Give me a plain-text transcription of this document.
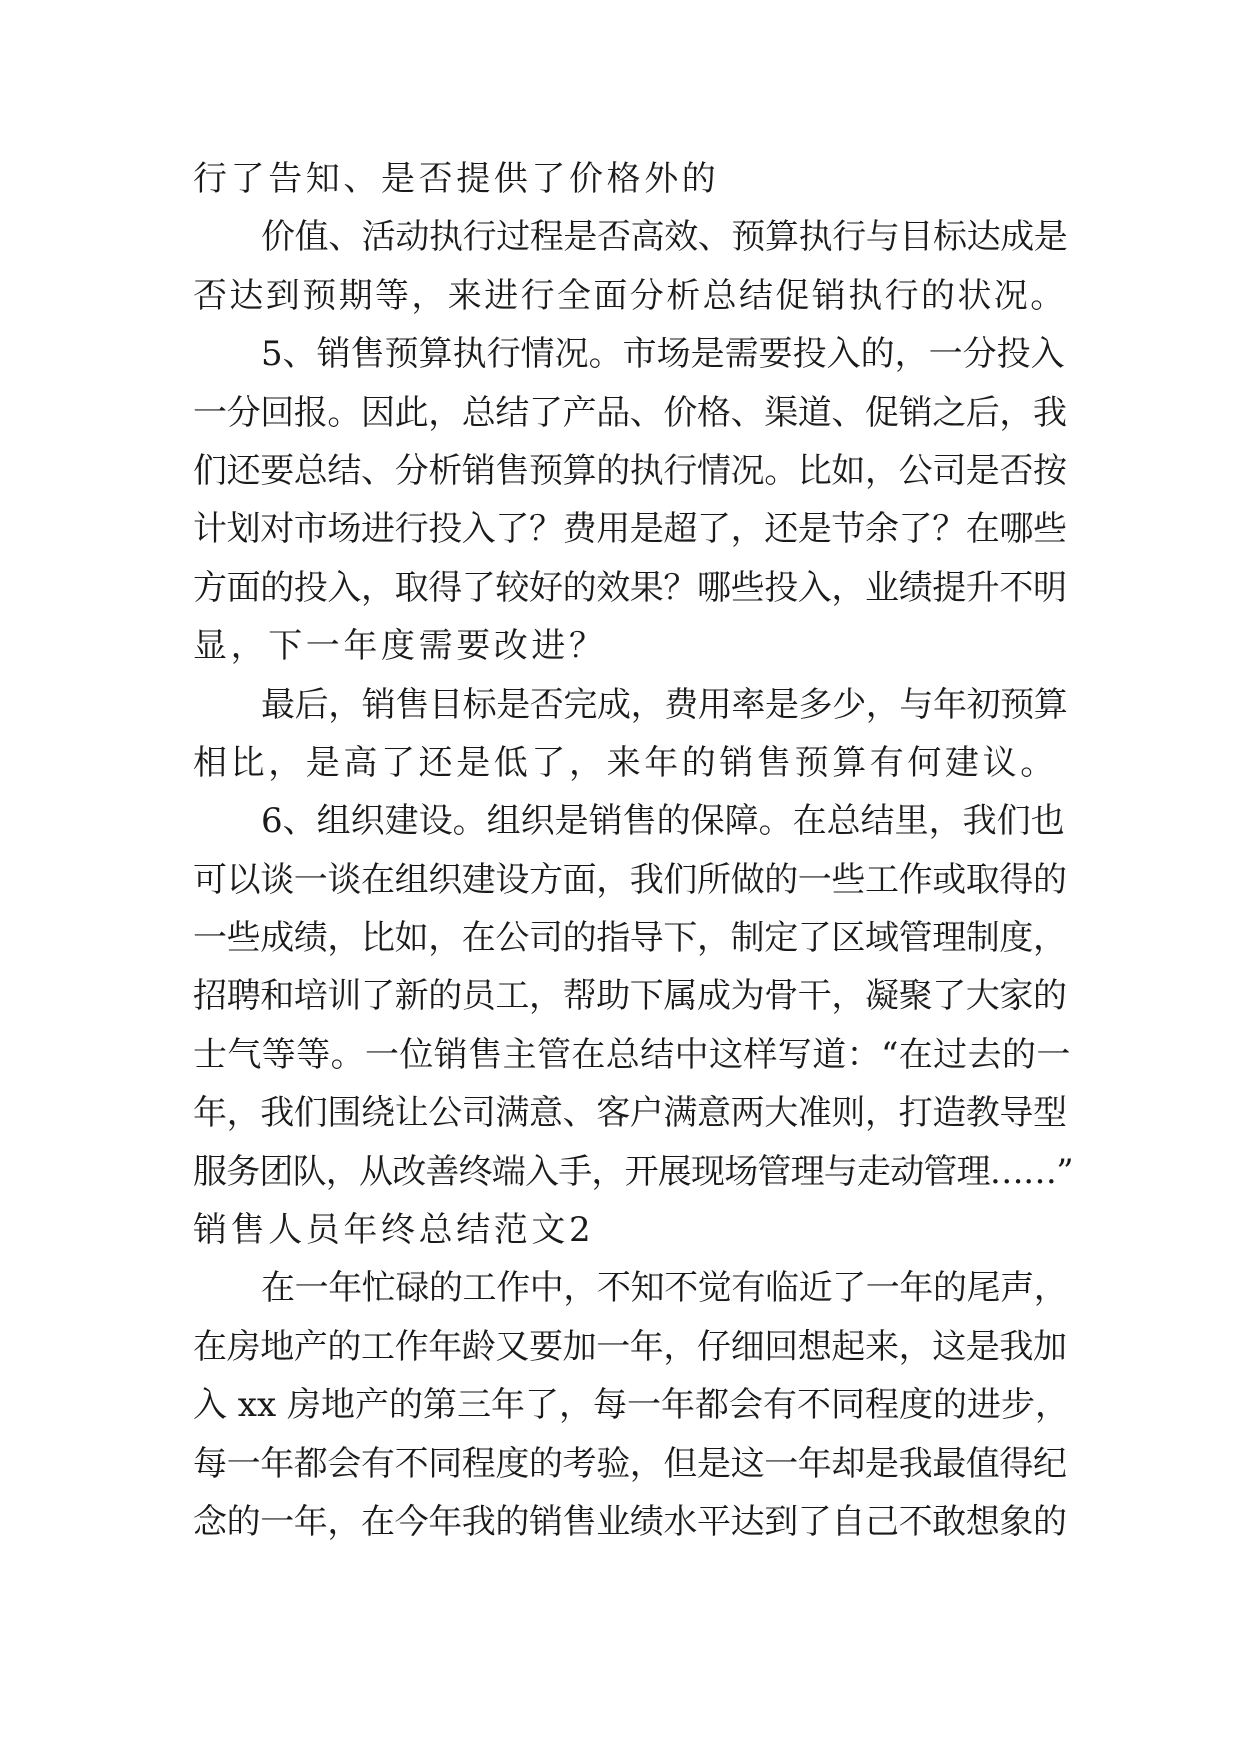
行了告知、是否提供了价格外的
价值、活动执行过程是否高效、预算执行与目标达成是
否达到预期等，来进行全面分析总结促销执行的状况。
5、销售预算执行情况。市场是需要投入的，一分投入
一分回报。因此，总结了产品、价格、渠道、促销之后，我
们还要总结、分析销售预算的执行情况。比如，公司是否按
计划对市场进行投入了？费用是超了，还是节余了？在哪些
方面的投入，取得了较好的效果？哪些投入，业绩提升不明
显，下一年度需要改进？
最后，销售目标是否完成，费用率是多少，与年初预算
相比，是高了还是低了，来年的销售预算有何建议。
6、组织建设。组织是销售的保障。在总结里，我们也
可以谈一谈在组织建设方面，我们所做的一些工作或取得的
一些成绩，比如，在公司的指导下，制定了区域管理制度，
招聘和培训了新的员工，帮助下属成为骨干，凝聚了大家的
士气等等。一位销售主管在总结中这样写道：“在过去的一
年，我们围绕让公司满意、客户满意两大准则，打造教导型
服务团队，从改善终端入手，开展现场管理与走动管理……”
销售人员年终总结范文2
在一年忙碌的工作中，不知不觉有临近了一年的尾声，
在房地产的工作年龄又要加一年，仔细回想起来，这是我加
入 xx 房地产的第三年了，每一年都会有不同程度的进步，
每一年都会有不同程度的考验，但是这一年却是我最值得纪
念的一年，在今年我的销售业绩水平达到了自己不敢想象的
